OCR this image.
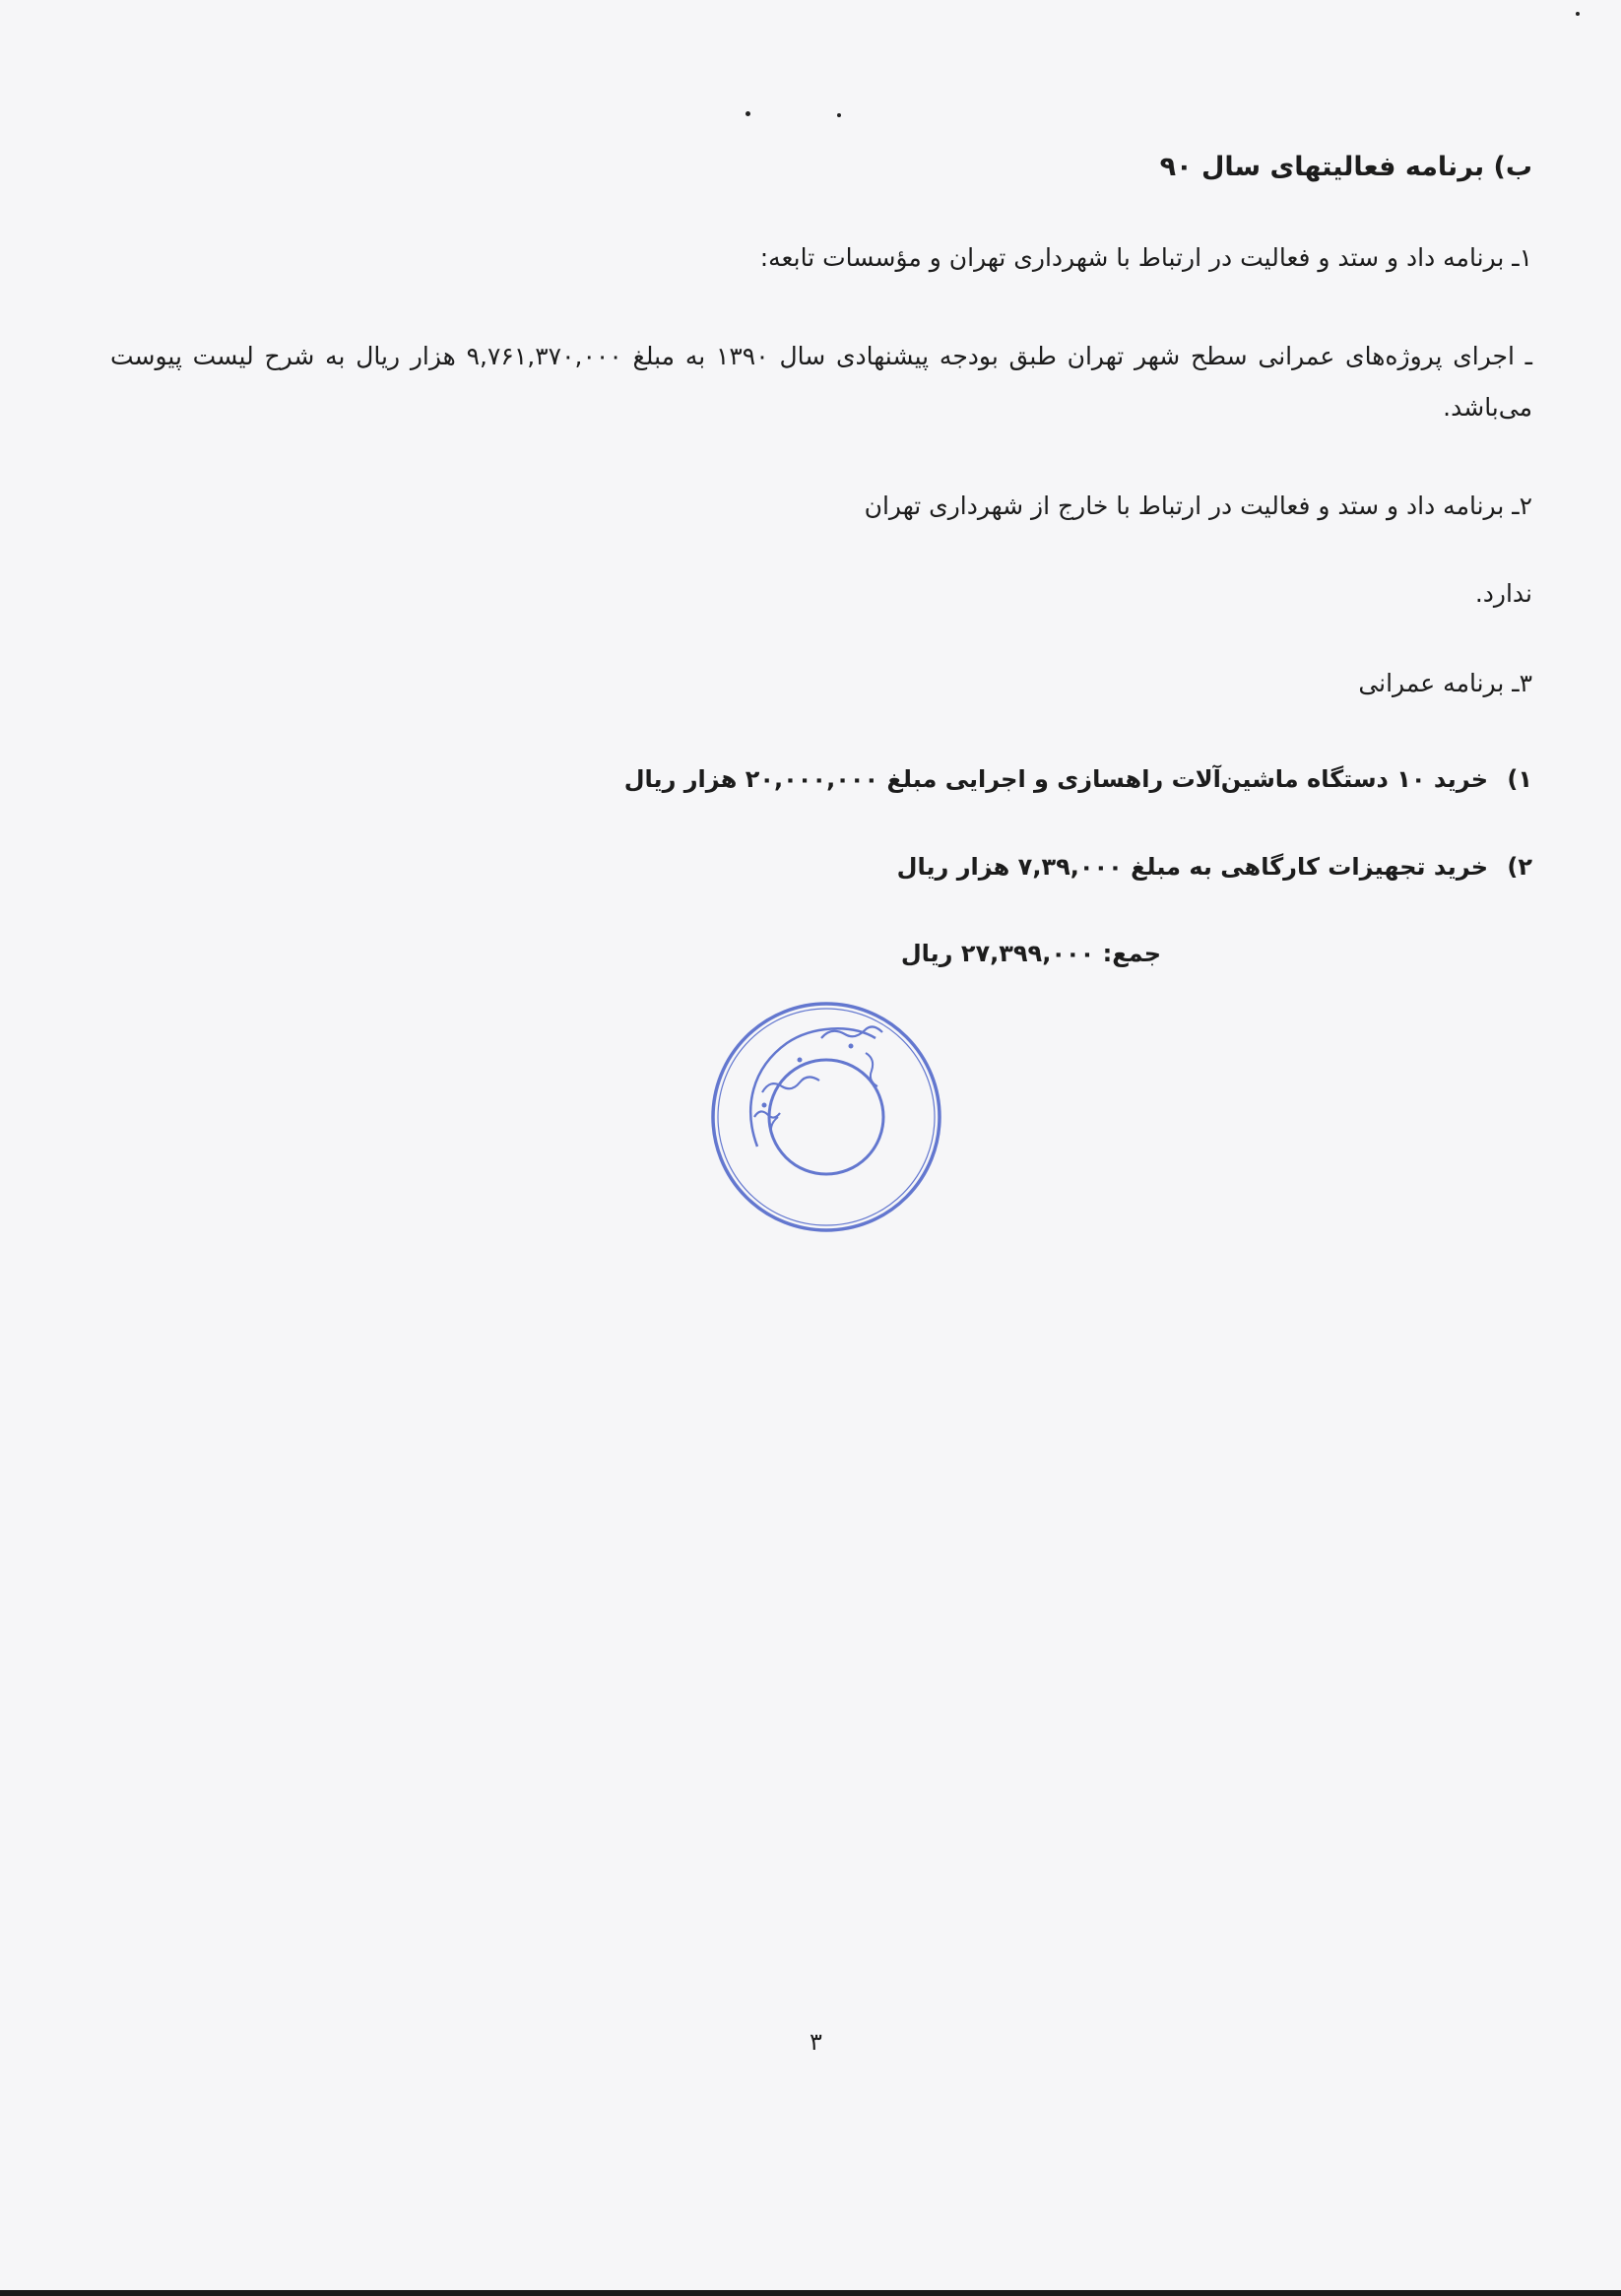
ب) برنامه فعالیتهای سال ۹۰
۱ـ برنامه داد و ستد و فعالیت در ارتباط با شهرداری تهران و مؤسسات تابعه:
ـ اجرای پروژه‌های عمرانی سطح شهر تهران طبق بودجه پیشنهادی سال ۱۳۹۰ به مبلغ ۹,۷۶۱,۳۷۰,۰۰۰ هزار ریال به شرح لیست پیوست می‌باشد.
۲ـ برنامه داد و ستد و فعالیت در ارتباط با خارج از شهرداری تهران
ندارد.
۳ـ برنامه عمرانی
(۱
خرید ۱۰ دستگاه ماشین‌آلات راهسازی و اجرایی مبلغ ۲۰,۰۰۰,۰۰۰ هزار ریال
(۲
خرید تجهیزات کارگاهی به مبلغ ۷,۳۹,۰۰۰ هزار ریال
جمع: ۲۷,۳۹۹,۰۰۰ ریال
۳
